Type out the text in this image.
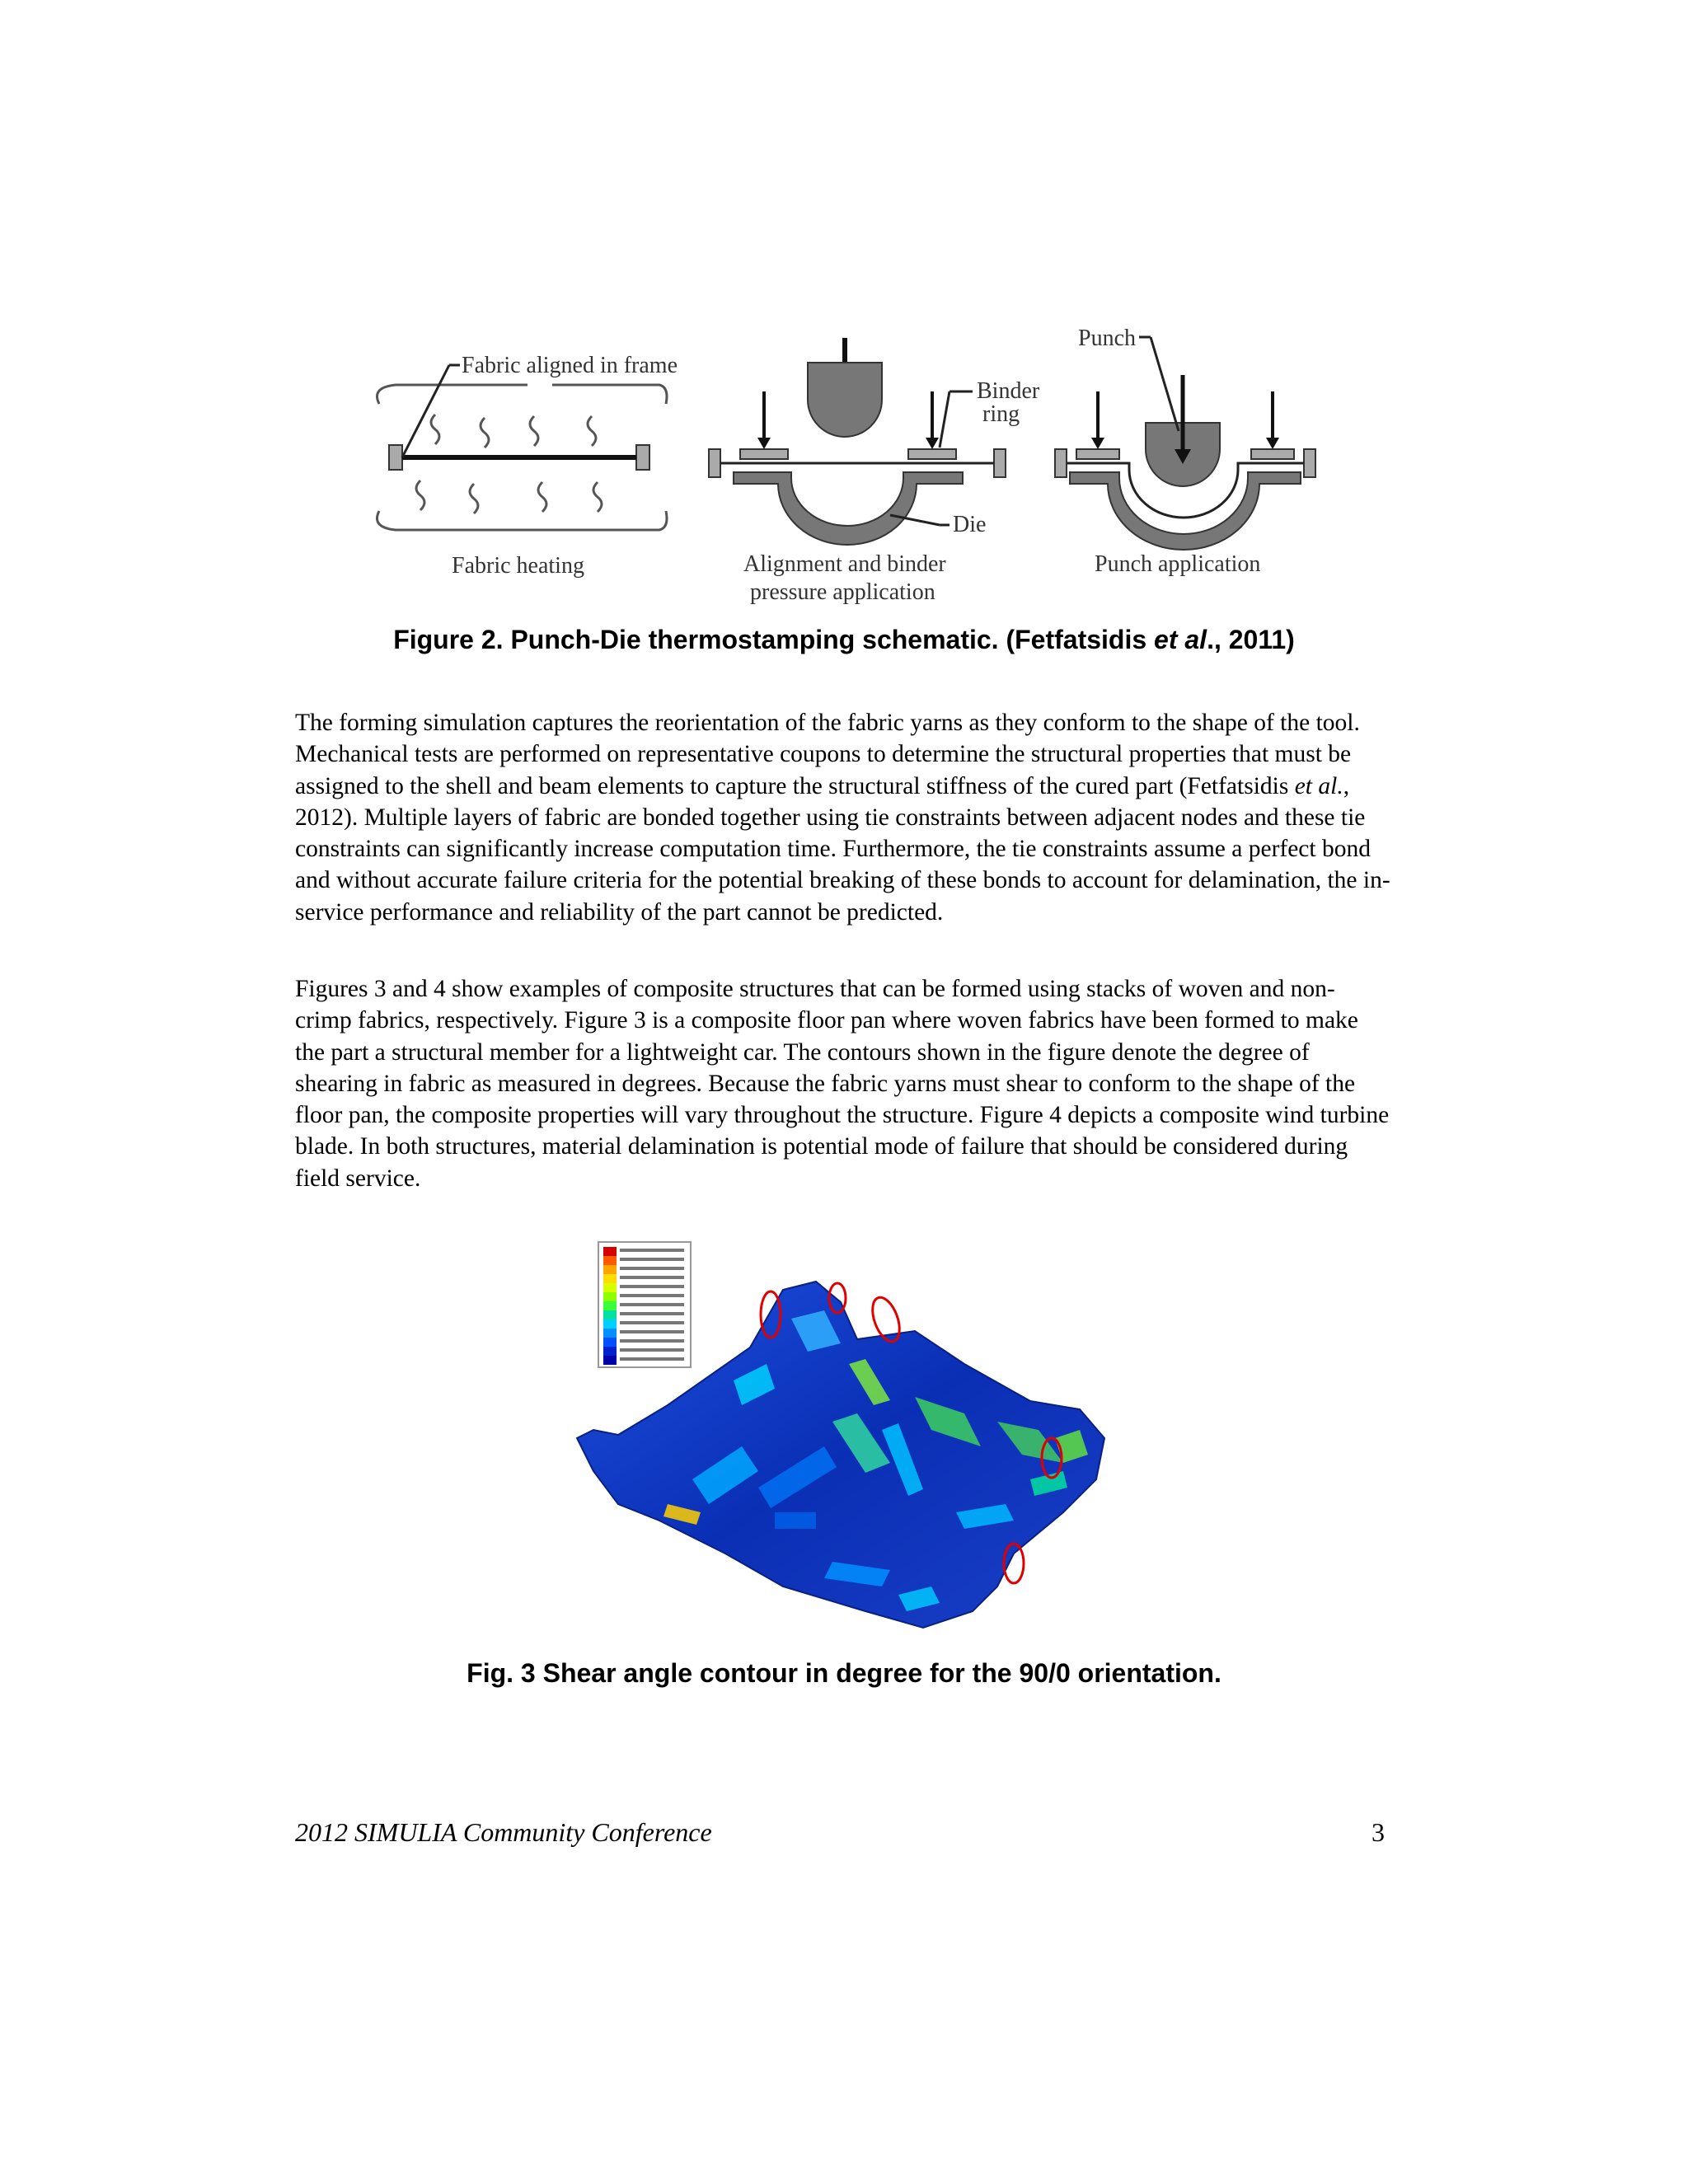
Fabric aligned in frame
Fabric heating
Binder
ring
Die
Alignment and binder
pressure application
Punch
Punch application
Figure 2. Punch-Die thermostamping schematic. (Fetfatsidis et al., 2011)

The forming simulation captures the reorientation of the fabric yarns as they conform to the shape of the tool. Mechanical tests are performed on representative coupons to determine the structural properties that must be assigned to the shell and beam elements to capture the structural stiffness of the cured part (Fetfatsidis et al., 2012). Multiple layers of fabric are bonded together using tie constraints between adjacent nodes and these tie constraints can significantly increase computation time. Furthermore, the tie constraints assume a perfect bond and without accurate failure criteria for the potential breaking of these bonds to account for delamination, the in-service performance and reliability of the part cannot be predicted.

Figures 3 and 4 show examples of composite structures that can be formed using stacks of woven and non-crimp fabrics, respectively. Figure 3 is a composite floor pan where woven fabrics have been formed to make the part a structural member for a lightweight car. The contours shown in the figure denote the degree of shearing in fabric as measured in degrees. Because the fabric yarns must shear to conform to the shape of the floor pan, the composite properties will vary throughout the structure. Figure 4 depicts a composite wind turbine blade. In both structures, material delamination is potential mode of failure that should be considered during field service.

Fig. 3 Shear angle contour in degree for the 90/0 orientation.
2012 SIMULIA Community Conference	3
